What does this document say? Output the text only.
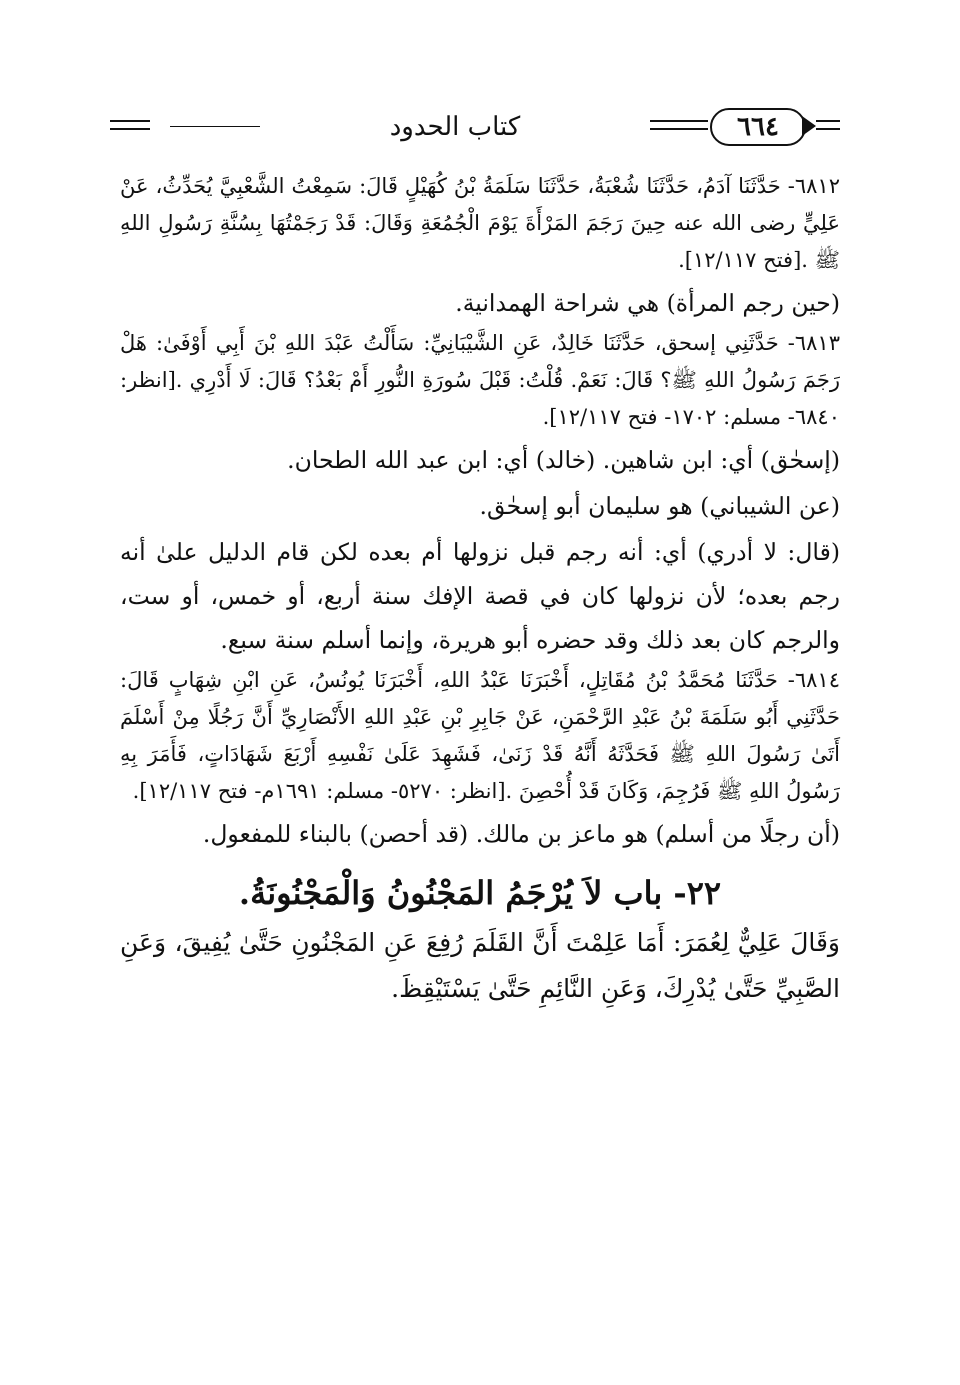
كتاب الحدود	٦٦٤

٦٨١٢- حَدَّثَنَا آدَمُ، حَدَّثَنَا شُعْبَةُ، حَدَّثَنَا سَلَمَةُ بْنُ كُهَيْلٍ قَالَ: سَمِعْتُ الشَّعْبِيَّ يُحَدِّثُ، عَنْ عَلِيٍّ رضى الله عنه حِينَ رَجَمَ المَرْأَةَ يَوْمَ الْجُمُعَةِ وَقَالَ: قَدْ رَجَمْتُهَا بِسُنَّةِ رَسُولِ اللهِ ﷺ .[فتح ١٢/١١٧].

(حين رجم المرأة) هي شراحة الهمدانية.

٦٨١٣- حَدَّثَنِي إسحق، حَدَّثَنَا خَالِدٌ، عَنِ الشَّيْبَانِيِّ: سَأَلْتُ عَبْدَ اللهِ بْنَ أَبِي أَوْفَىٰ: هَلْ رَجَمَ رَسُولُ اللهِ ﷺ؟ قَالَ: نَعَمْ. قُلْتُ: قَبْلَ سُورَةِ النُّورِ أَمْ بَعْدُ؟ قَالَ: لَا أَدْرِي .[انظر: ٦٨٤٠- مسلم: ١٧٠٢- فتح ١٢/١١٧].

(إسحٰق) أي: ابن شاهين. (خالد) أي: ابن عبد الله الطحان.

(عن الشيباني) هو سليمان أبو إسحٰق.

(قال: لا أدري) أي: أنه رجم قبل نزولها أم بعده لكن قام الدليل علىٰ أنه رجم بعده؛ لأن نزولها كان في قصة الإفك سنة أربع، أو خمس، أو ست، والرجم كان بعد ذلك وقد حضره أبو هريرة، وإنما أسلم سنة سبع.

٦٨١٤- حَدَّثَنَا مُحَمَّدُ بْنُ مُقَاتِلٍ، أَخْبَرَنَا عَبْدُ اللهِ، أَخْبَرَنَا يُونُسُ، عَنِ ابْنِ شِهَابٍ قَالَ: حَدَّثَنِي أَبُو سَلَمَةَ بْنُ عَبْدِ الرَّحْمَنِ، عَنْ جَابِرِ بْنِ عَبْدِ اللهِ الأَنْصَارِيِّ أَنَّ رَجُلًا مِنْ أَسْلَمَ أَتَىٰ رَسُولَ اللهِ ﷺ فَحَدَّثَهُ أَنَّهُ قَدْ زَنَىٰ، فَشَهِدَ عَلَىٰ نَفْسِهِ أَرْبَعَ شَهَادَاتٍ، فَأَمَرَ بِهِ رَسُولُ اللهِ ﷺ فَرُجِمَ، وَكَانَ قَدْ أُحْصِنَ .[انظر: ٥٢٧٠- مسلم: ١٦٩١م- فتح ١٢/١١٧].

(أن رجلًا من أسلم) هو ماعز بن مالك. (قد أحصن) بالبناء للمفعول.

٢٢- باب لاَ يُرْجَمُ المَجْنُونُ وَالْمَجْنُونَةُ.

وَقَالَ عَلِيٌّ لِعُمَرَ: أَمَا عَلِمْتَ أَنَّ القَلَمَ رُفِعَ عَنِ المَجْنُونِ حَتَّىٰ يُفِيقَ، وَعَنِ الصَّبِيِّ حَتَّىٰ يُدْرِكَ، وَعَنِ النَّائِمِ حَتَّىٰ يَسْتَيْقِظَ.
